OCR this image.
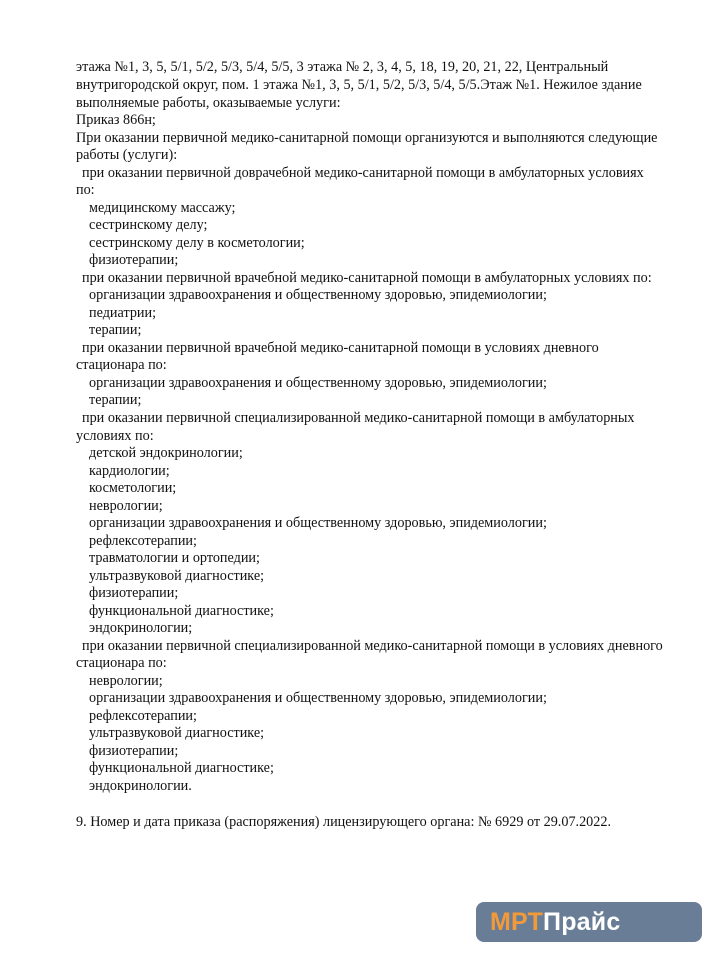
этажа №1, 3, 5, 5/1, 5/2, 5/3, 5/4, 5/5, 3 этажа № 2, 3, 4, 5, 18, 19, 20, 21, 22, Центральный
внутригородской округ, пом. 1 этажа №1, 3, 5, 5/1, 5/2, 5/3, 5/4, 5/5.Этаж №1. Нежилое здание
выполняемые работы, оказываемые услуги:
Приказ 866н;
При оказании первичной медико-санитарной помощи организуются и выполняются следующие
работы (услуги):
при оказании первичной доврачебной медико-санитарной помощи в амбулаторных условиях
по:
медицинскому массажу;
сестринскому делу;
сестринскому делу в косметологии;
физиотерапии;
при оказании первичной врачебной медико-санитарной помощи в амбулаторных условиях по:
организации здравоохранения и общественному здоровью, эпидемиологии;
педиатрии;
терапии;
при оказании первичной врачебной медико-санитарной помощи в условиях дневного
стационара по:
организации здравоохранения и общественному здоровью, эпидемиологии;
терапии;
при оказании первичной специализированной медико-санитарной помощи в амбулаторных
условиях по:
детской эндокринологии;
кардиологии;
косметологии;
неврологии;
организации здравоохранения и общественному здоровью, эпидемиологии;
рефлексотерапии;
травматологии и ортопедии;
ультразвуковой диагностике;
физиотерапии;
функциональной диагностике;
эндокринологии;
при оказании первичной специализированной медико-санитарной помощи в условиях дневного
стационара по:
неврологии;
организации здравоохранения и общественному здоровью, эпидемиологии;
рефлексотерапии;
ультразвуковой диагностике;
физиотерапии;
функциональной диагностике;
эндокринологии.
9. Номер и дата приказа (распоряжения) лицензирующего органа: № 6929 от 29.07.2022.
МРТ Прайс
